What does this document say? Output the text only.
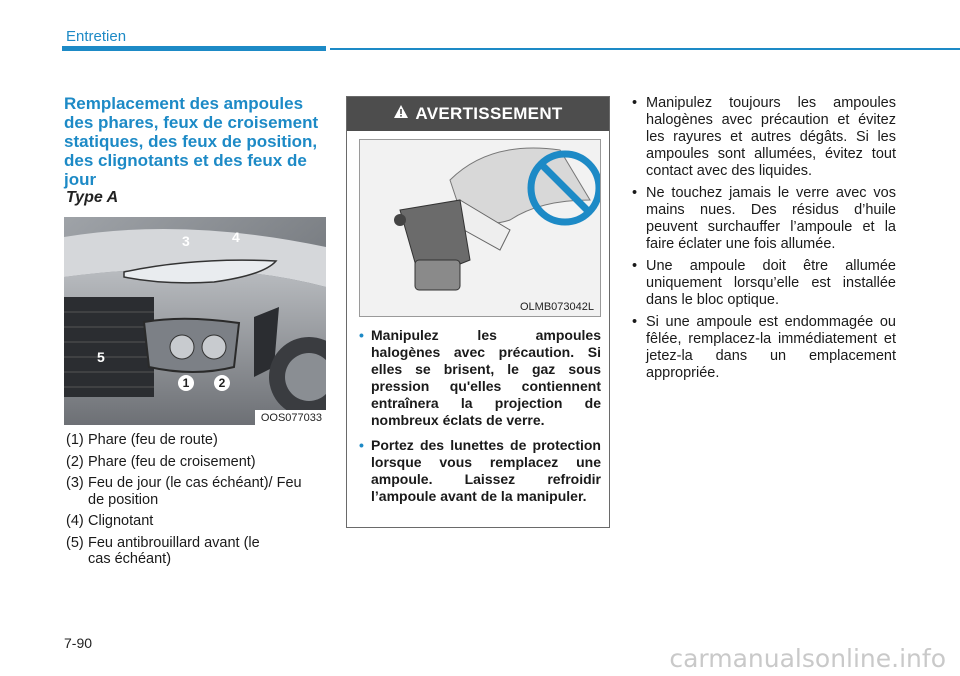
Entretien
Remplacement des ampoules des phares, feux de croisement statiques, des feux de position, des clignotants et des feux de jour
Type A
3	4
5
1	2
OOS077033
(1) Phare (feu de route)
(2) Phare (feu de croisement)
(3) Feu de jour (le cas échéant)/ Feu de position
(4) Clignotant
(5) Feu antibrouillard avant (le cas échéant)
AVERTISSEMENT
OLMB073042L
• Manipulez les ampoules halogènes avec précaution. Si elles se brisent, le gaz sous pression qu'elles contiennent entraînera la projection de nombreux éclats de verre.
• Portez des lunettes de protection lorsque vous remplacez une ampoule. Laissez refroidir l’ampoule avant de la manipuler.
• Manipulez toujours les ampoules halogènes avec précaution et évitez les rayures et autres dégâts. Si les ampoules sont allumées, évitez tout contact avec des liquides.
• Ne touchez jamais le verre avec vos mains nues. Des résidus d’huile peuvent surchauffer l’ampoule et la faire éclater une fois allumée.
• Une ampoule doit être allumée uniquement lorsqu’elle est installée dans le bloc optique.
• Si une ampoule est endommagée ou fêlée, remplacez-la immédiatement et jetez-la dans un emplacement appropriée.
7-90
carmanualsonline.info
